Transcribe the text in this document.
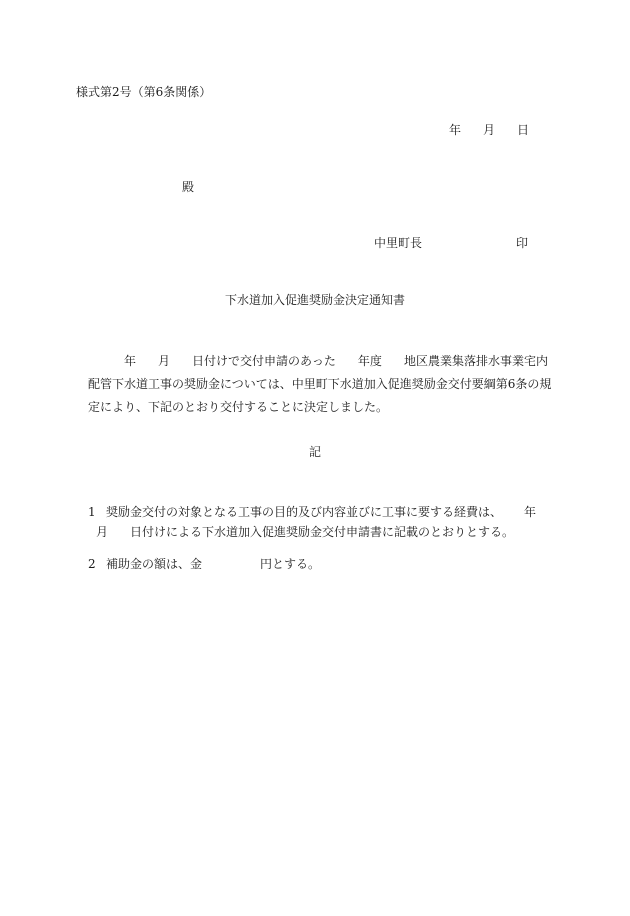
様式第2号（第6条関係）
年 月 日
殿
中里町長	印
下水道加入促進奨励金決定通知書
年 月 日付けで交付申請のあった 年度 地区農業集落排水事業宅内
配管下水道工事の奨励金については、中里町下水道加入促進奨励金交付要綱第6条の規
定により、下記のとおり交付することに決定しました。
記
1 奨励金交付の対象となる工事の目的及び内容並びに工事に要する経費は、 年
月 日付けによる下水道加入促進奨励金交付申請書に記載のとおりとする。
2 補助金の額は、金	円とする。
